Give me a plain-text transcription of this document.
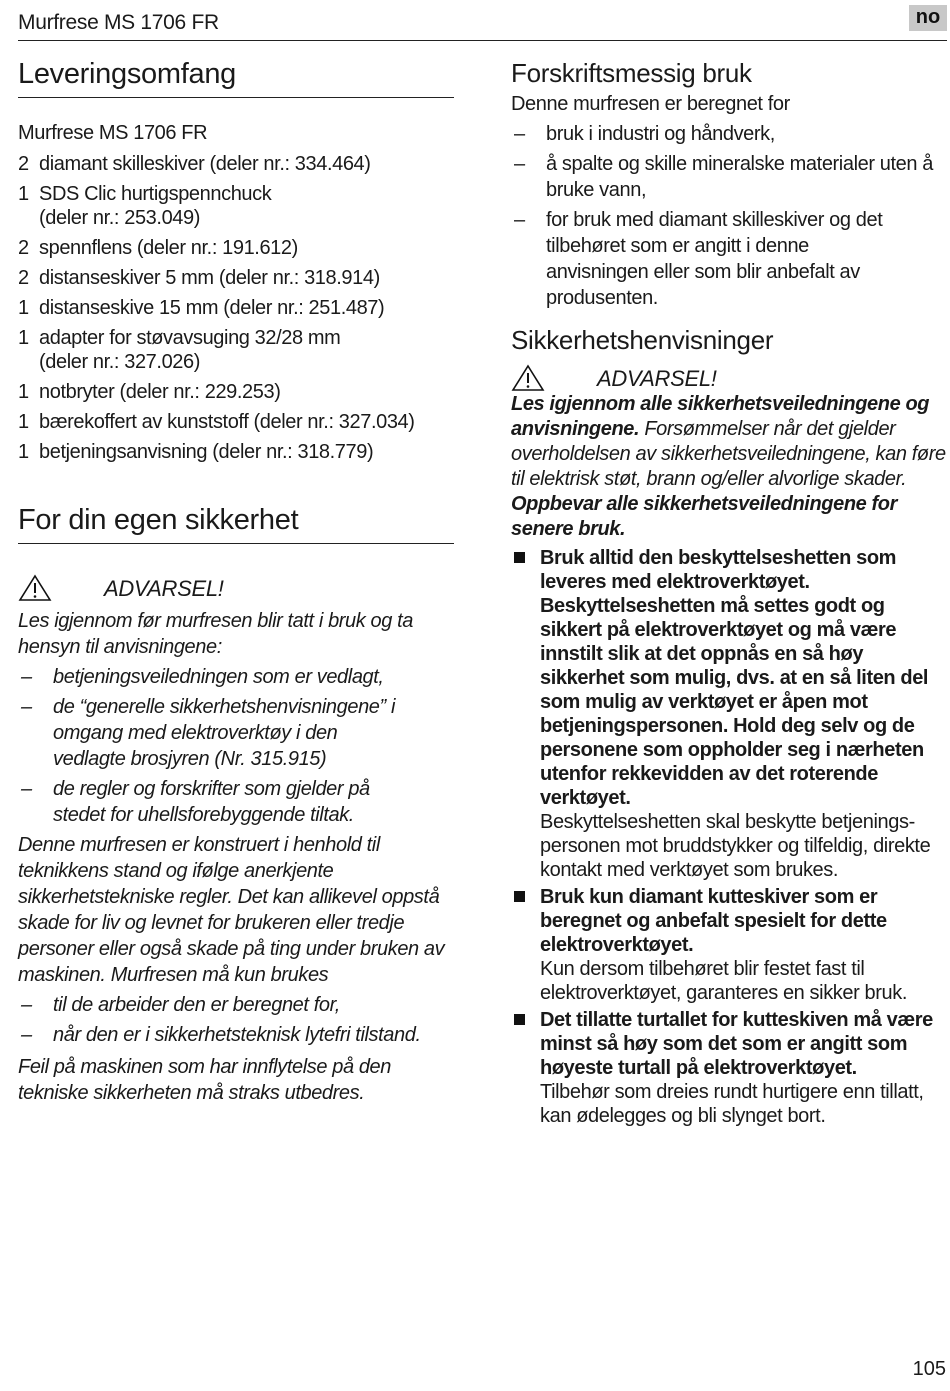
Murfrese MS 1706 FR	no
Leveringsomfang
Murfrese MS 1706 FR
2 diamant skilleskiver (deler nr.: 334.464)
1 SDS Clic hurtigspennchuck (deler nr.: 253.049)
2 spennflens (deler nr.: 191.612)
2 distanseskiver 5 mm (deler nr.: 318.914)
1 distanseskive 15 mm (deler nr.: 251.487)
1 adapter for støvavsuging 32/28 mm (deler nr.: 327.026)
1 notbryter (deler nr.: 229.253)
1 bærekoffert av kunststoff (deler nr.: 327.034)
1 betjeningsanvisning (deler nr.: 318.779)
For din egen sikkerhet
ADVARSEL!
Les igjennom før murfresen blir tatt i bruk og ta hensyn til anvisningene:
– betjeningsveiledningen som er vedlagt,
– de “generelle sikkerhetshenvisningene” i omgang med elektroverktøy i den vedlagte brosjyren (Nr. 315.915)
– de regler og forskrifter som gjelder på stedet for uhellsforebyggende tiltak.
Denne murfresen er konstruert i henhold til teknikkens stand og ifølge anerkjente sikkerhetstekniske regler. Det kan allikevel oppstå skade for liv og levnet for brukeren eller tredje personer eller også skade på ting under bruken av maskinen. Murfresen må kun brukes
– til de arbeider den er beregnet for,
– når den er i sikkerhetsteknisk lytefri tilstand.
Feil på maskinen som har innflytelse på den tekniske sikkerheten må straks utbedres.
Forskriftsmessig bruk
Denne murfresen er beregnet for
– bruk i industri og håndverk,
– å spalte og skille mineralske materialer uten å bruke vann,
– for bruk med diamant skilleskiver og det tilbehøret som er angitt i denne anvisningen eller som blir anbefalt av produsenten.
Sikkerhetshenvisninger
ADVARSEL!
Les igjennom alle sikkerhetsveiledningene og anvisningene. Forsømmelser når det gjelder overholdelsen av sikkerhetsveiledningene, kan føre til elektrisk støt, brann og/eller alvorlige skader. Oppbevar alle sikkerhetsveiledningene for senere bruk.
Bruk alltid den beskyttelseshetten som leveres med elektroverktøyet. Beskyttelseshetten må settes godt og sikkert på elektroverktøyet og må være innstilt slik at det oppnås en så høy sikkerhet som mulig, dvs. at en så liten del som mulig av verktøyet er åpen mot betjeningspersonen. Hold deg selv og de personene som oppholder seg i nærheten utenfor rekkevidden av det roterende verktøyet.
Beskyttelseshetten skal beskytte betjeningspersonen mot bruddstykker og tilfeldig, direkte kontakt med verktøyet som brukes.
Bruk kun diamant kutteskiver som er beregnet og anbefalt spesielt for dette elektroverktøyet.
Kun dersom tilbehøret blir festet fast til elektroverktøyet, garanteres en sikker bruk.
Det tillatte turtallet for kutteskiven må være minst så høy som det som er angitt som høyeste turtall på elektroverktøyet.
Tilbehør som dreies rundt hurtigere enn tillatt, kan ødelegges og bli slynget bort.
105
